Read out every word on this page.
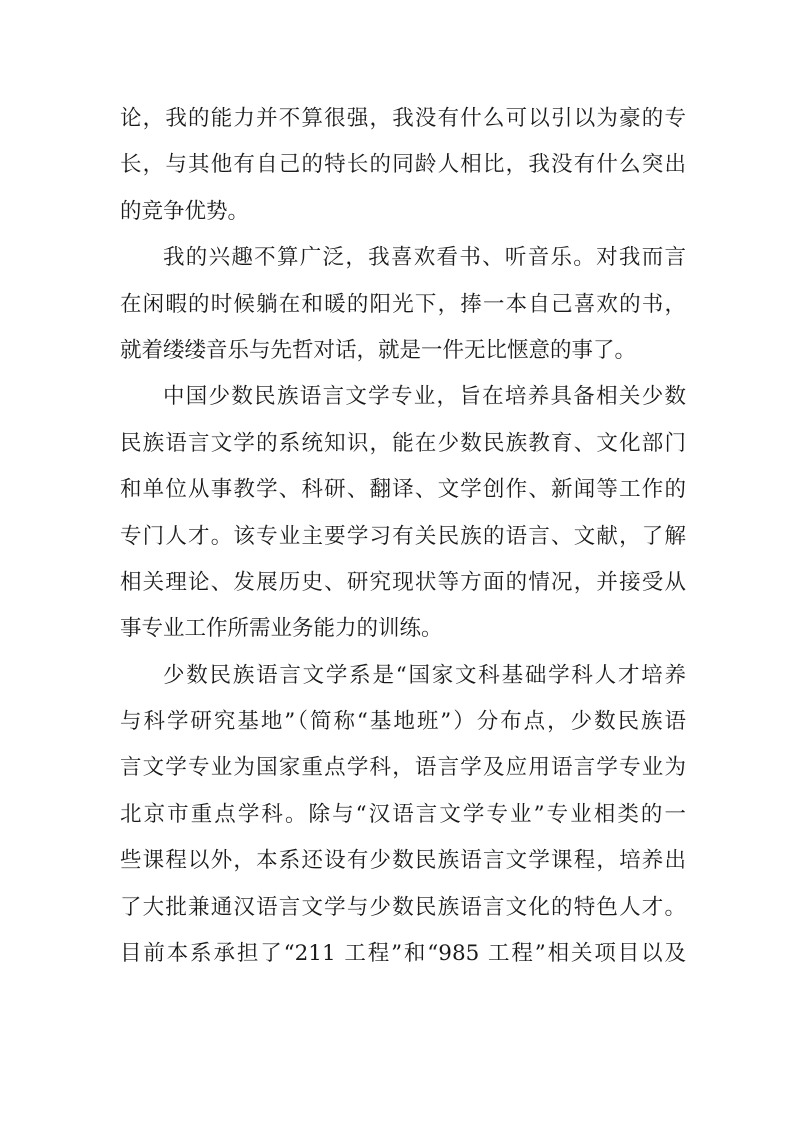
论，我的能力并不算很强，我没有什么可以引以为豪的专
长，与其他有自己的特长的同龄人相比，我没有什么突出
的竞争优势。
我的兴趣不算广泛，我喜欢看书、听音乐。对我而言
在闲暇的时候躺在和暖的阳光下，捧一本自己喜欢的书，
就着缕缕音乐与先哲对话，就是一件无比惬意的事了。
中国少数民族语言文学专业，旨在培养具备相关少数
民族语言文学的系统知识，能在少数民族教育、文化部门
和单位从事教学、科研、翻译、文学创作、新闻等工作的
专门人才。该专业主要学习有关民族的语言、文献，了解
相关理论、发展历史、研究现状等方面的情况，并接受从
事专业工作所需业务能力的训练。
少数民族语言文学系是“国家文科基础学科人才培养
与科学研究基地”（简称“基地班”）分布点，少数民族语
言文学专业为国家重点学科，语言学及应用语言学专业为
北京市重点学科。除与“汉语言文学专业”专业相类的一
些课程以外，本系还设有少数民族语言文学课程，培养出
了大批兼通汉语言文学与少数民族语言文化的特色人才。
目前本系承担了“211 工程”和“985 工程”相关项目以及
